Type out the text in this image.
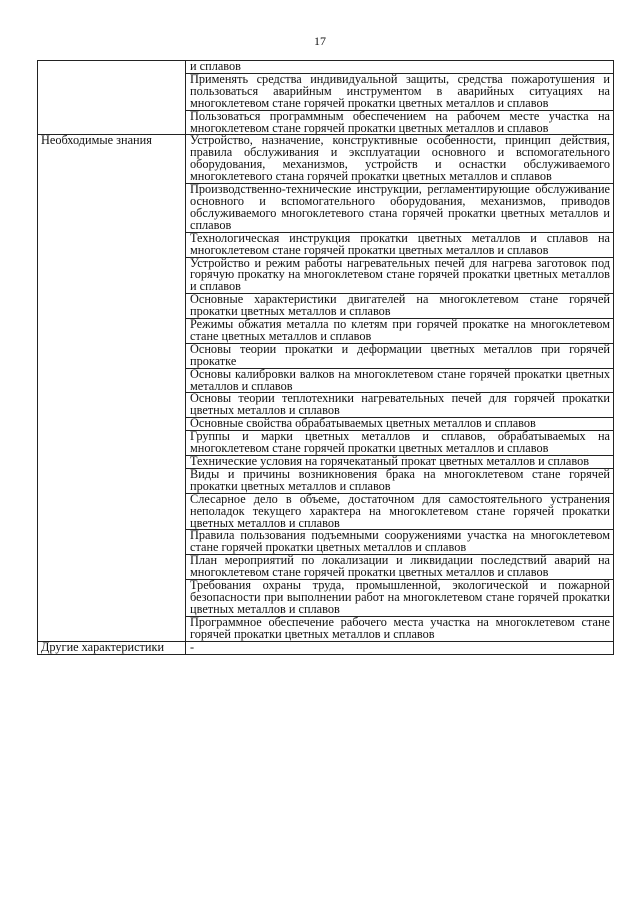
17
	и сплавов
	Применять средства индивидуальной защиты, средства пожаротушения и пользоваться аварийным инструментом в аварийных ситуациях на многоклетевом стане горячей прокатки цветных металлов и сплавов
	Пользоваться программным обеспечением на рабочем месте участка на многоклетевом стане горячей прокатки цветных металлов и сплавов
Необходимые знания	Устройство, назначение, конструктивные особенности, принцип действия, правила обслуживания и эксплуатации основного и вспомогательного оборудования, механизмов, устройств и оснастки обслуживаемого многоклетевого стана горячей прокатки цветных металлов и сплавов
	Производственно-технические инструкции, регламентирующие обслуживание основного и вспомогательного оборудования, механизмов, приводов обслуживаемого многоклетевого стана горячей прокатки цветных металлов и сплавов
	Технологическая инструкция прокатки цветных металлов и сплавов на многоклетевом стане горячей прокатки цветных металлов и сплавов
	Устройство и режим работы нагревательных печей для нагрева заготовок под горячую прокатку на многоклетевом стане горячей прокатки цветных металлов и сплавов
	Основные характеристики двигателей на многоклетевом стане горячей прокатки цветных металлов и сплавов
	Режимы обжатия металла по клетям при горячей прокатке на многоклетевом стане цветных металлов и сплавов
	Основы теории прокатки и деформации цветных металлов при горячей прокатке
	Основы калибровки валков на многоклетевом стане горячей прокатки цветных металлов и сплавов
	Основы теории теплотехники нагревательных печей для горячей прокатки цветных металлов и сплавов
	Основные свойства обрабатываемых цветных металлов и сплавов
	Группы и марки цветных металлов и сплавов, обрабатываемых на многоклетевом стане горячей прокатки цветных металлов и сплавов
	Технические условия на горячекатаный прокат цветных металлов и сплавов
	Виды и причины возникновения брака на многоклетевом стане горячей прокатки цветных металлов и сплавов
	Слесарное дело в объеме, достаточном для самостоятельного устранения неполадок текущего характера на многоклетевом стане горячей прокатки цветных металлов и сплавов
	Правила пользования подъемными сооружениями участка на многоклетевом стане горячей прокатки цветных металлов и сплавов
	План мероприятий по локализации и ликвидации последствий аварий на многоклетевом стане горячей прокатки цветных металлов и сплавов
	Требования охраны труда, промышленной, экологической и пожарной безопасности при выполнении работ на многоклетевом стане горячей прокатки цветных металлов и сплавов
	Программное обеспечение рабочего места участка на многоклетевом стане горячей прокатки цветных металлов и сплавов
Другие характеристики	-
